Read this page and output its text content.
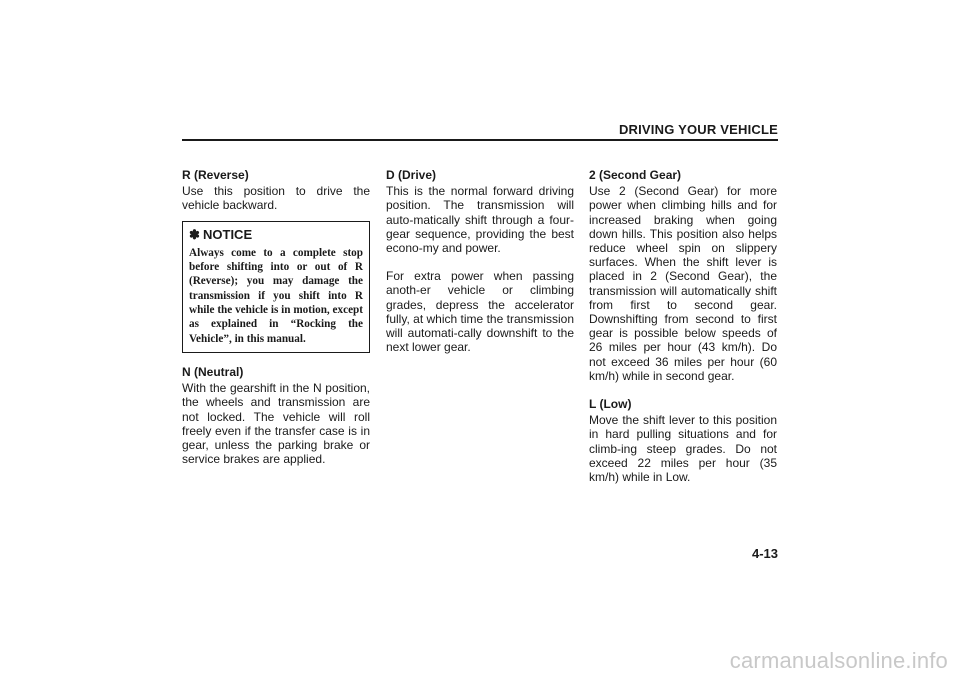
DRIVING YOUR VEHICLE

R (Reverse)

Use this position to drive the vehicle backward.

✽ NOTICE

Always come to a complete stop before shifting into or out of R (Reverse); you may damage the transmission if you shift into R while the vehicle is in motion, except as explained in “Rocking the Vehicle”, in this manual.

N (Neutral)

With the gearshift in the N position, the wheels and transmission are not locked. The vehicle will roll freely even if the transfer case is in gear, unless the parking brake or service brakes are applied.

D (Drive)

This is the normal forward driving position. The transmission will auto-matically shift through a four-gear sequence, providing the best econo-my and power.

For extra power when passing anoth-er vehicle or climbing grades, depress the accelerator fully, at which time the transmission will automati-cally downshift to the next lower gear.

2 (Second Gear)

Use 2 (Second Gear) for more power when climbing hills and for increased braking when going down hills. This position also helps reduce wheel spin on slippery surfaces. When the shift lever is placed in 2 (Second Gear), the transmission will automatically shift from first to second gear. Downshifting from second to first gear is possible below speeds of 26 miles per hour (43 km/h). Do not exceed 36 miles per hour (60 km/h) while in second gear.

L (Low)

Move the shift lever to this position in hard pulling situations and for climb-ing steep grades. Do not exceed 22 miles per hour (35 km/h) while in Low.

4-13
carmanualsonline.info
